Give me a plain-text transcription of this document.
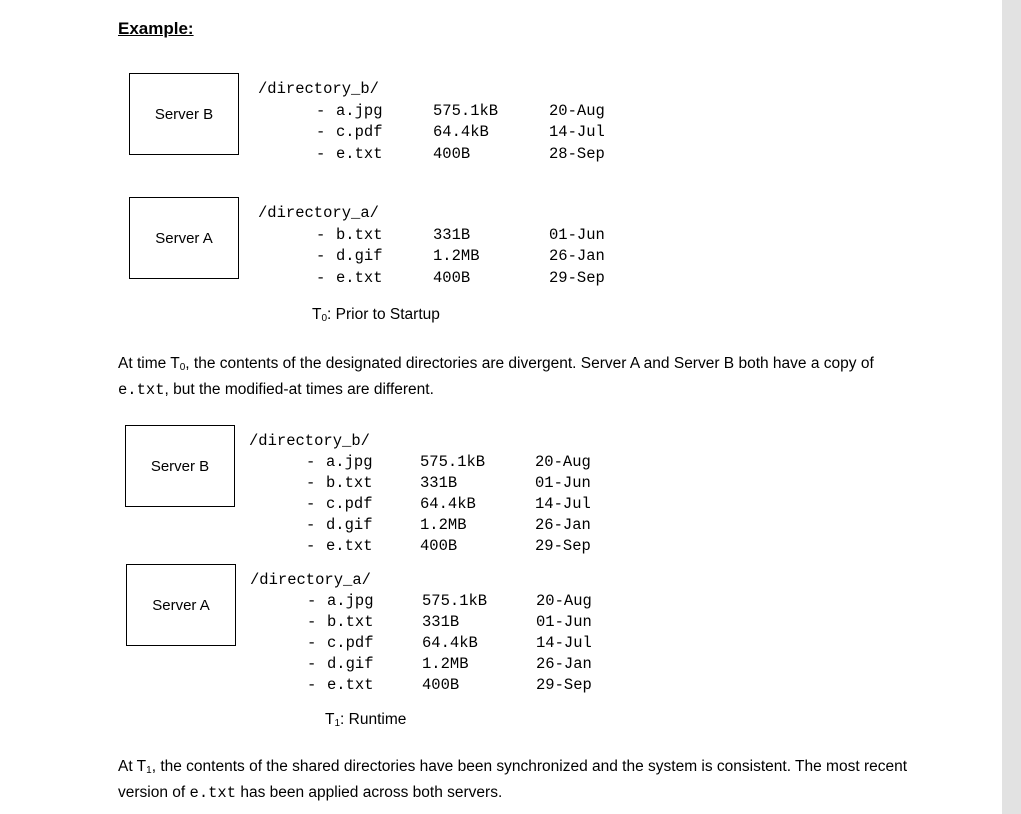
Example:
Server B
/directory_b/
- a.jpg	575.1kB	20-Aug
- c.pdf	64.4kB	14-Jul
- e.txt	400B	28-Sep
Server A
/directory_a/
- b.txt	331B	01-Jun
- d.gif	1.2MB	26-Jan
- e.txt	400B	29-Sep
$T_0$: Prior to Startup

At time $T_0$, the contents of the designated directories are divergent. Server A and Server B both have a copy of e.txt, but the modified-at times are different.

Server B
/directory_b/
- a.jpg	575.1kB	20-Aug
- b.txt	331B	01-Jun
- c.pdf	64.4kB	14-Jul
- d.gif	1.2MB	26-Jan
- e.txt	400B	29-Sep
Server A
/directory_a/
- a.jpg	575.1kB	20-Aug
- b.txt	331B	01-Jun
- c.pdf	64.4kB	14-Jul
- d.gif	1.2MB	26-Jan
- e.txt	400B	29-Sep
$T_1$: Runtime

At $T_1$, the contents of the shared directories have been synchronized and the system is consistent. The most recent version of e.txt has been applied across both servers.
